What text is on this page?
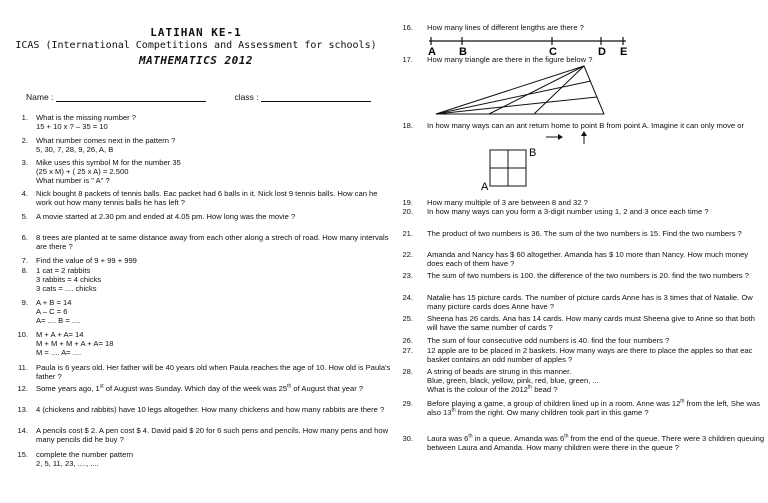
LATIHAN KE-1
ICAS (International Competitions and Assessment for schools)
MATHEMATICS 2012
Name :	class :
1. What is the missing number ?
15 + 10 x ? – 35 = 10
2. What number comes next in the pattern ?
5, 30, 7, 28, 9, 26, A, B
3. Mike uses this symbol M for the number 35
(25 x M) + ( 25 x A) = 2.500
What number is " A" ?
4. Nick bought 8 packets of tennis balls. Eac packet had 6 balls in it. Nick lost 9 tennis balls. How can he work out how many tennis balls he has left ?
5. A movie started at 2.30 pm and ended at 4.05 pm. How long was the movie ?
6. 8 trees are planted at te same distance away from each other along a strech of road. How many intervals are there ?
7. Find the value of 9 + 99 + 999
8. 1 cat = 2 rabbits
3 rabbits = 4 chicks
3 cats = .... chicks
9. A + B = 14
A – C = 6
A= .... B = ....
10. M + A + A= 14
M + M + M + A + A= 18
M = .... A= ....
11. Paula is 6 years old. Her father will be 40 years old when Paula reaches the age of 10. How old is Paula's father ?
12. Some years ago, 1st of August was Sunday. Which day of the week was 25th of August that year ?
13. 4 (chickens and rabbits) have 10 legs altogether. How many chickens and how many rabbits are there ?
14. A pencils cost $ 2. A pen cost $ 4. David paid $ 20 for 6 such pens and pencils. How many pens and how many pencils did he buy ?
15. complete the number pattern
2, 5, 11, 23, ...., ....
16. How many lines of different lengths are there ?
17. How many triangle are there in the figure below ?
18. In how many ways can an ant return home to point B from point A. Imagine it can only move or
19. How many multiple of 3 are between 8 and 32 ?
20. In how many ways can you form a 3-digit number using 1, 2 and 3 once each time ?
21. The product of two numbers is 36. The sum of the two numbers is 15. Find the two numbers ?
22. Amanda and Nancy has $ 60 altogether. Amanda has $ 10 more than Nancy. How much money does each of them have ?
23. The sum of two numbers is 100. the difference of the two numbers is 20. find the two numbers ?
24. Natalie has 15 picture cards. The number of picture cards Anne has is 3 times that of Natalie. Ow many picture cards does Anne have ?
25. Sheena has 26 cards. Ana has 14 cards. How many cards must Sheena give to Anne so that both will have the same number of cards ?
26. The sum of four consecutive odd numbers is 40. find the four numbers ?
27. 12 apple are to be placed in 2 baskets. How many ways are there to place the apples so that eac basket contains an odd number of apples ?
28. A string of beads are strung in this manner.
Blue, green, black, yellow, pink, red, blue, green, ...
What is the colour of the 2012th bead ?
29. Before playing a game, a group of children lined up in a room. Anne was 12th from the left, She was also 13th from the right. Ow many children took part in this game ?
30. Laura was 6th in a queue. Amanda was 6th from the end of the queue. There were 3 children queuing between Laura and Amanda. How many children were there in the queue ?
A B	C	D E
A
B
